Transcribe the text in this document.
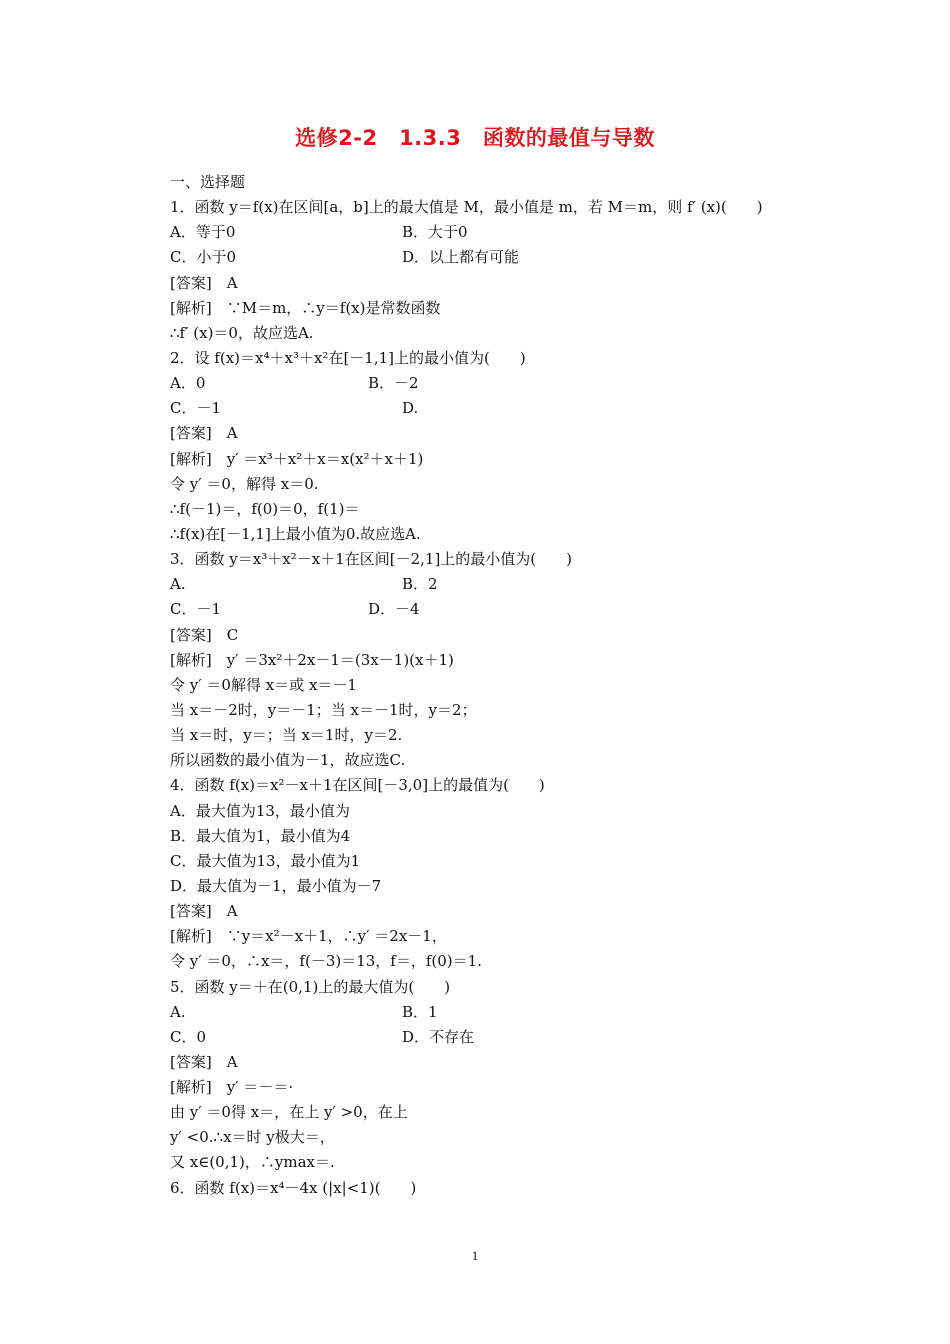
选修2-2　1.3.3　函数的最值与导数
一、选择题
1．函数 y＝f(x)在区间[a，b]上的最大值是 M，最小值是 m，若 M＝m，则 f′ (x)(　　)
A．等于0	B．大于0
C．小于0	D．以上都有可能
[答案]　A
[解析]　∵M＝m，∴y＝f(x)是常数函数
∴f′ (x)＝0，故应选A.
2．设 f(x)＝x⁴＋x³＋x²在[－1,1]上的最小值为(　　)
A．0	B．－2
C．－1	D.
[答案]　A
[解析]　y′ ＝x³＋x²＋x＝x(x²＋x＋1)
令 y′ ＝0，解得 x＝0.
∴f(－1)＝，f(0)＝0，f(1)＝
∴f(x)在[－1,1]上最小值为0.故应选A.
3．函数 y＝x³＋x²－x＋1在区间[－2,1]上的最小值为(　　)
A.	B．2
C．－1	D．－4
[答案]　C
[解析]　y′ ＝3x²＋2x－1＝(3x－1)(x＋1)
令 y′ ＝0解得 x＝或 x＝－1
当 x＝－2时，y＝－1；当 x＝－1时，y＝2；
当 x＝时，y＝；当 x＝1时，y＝2.
所以函数的最小值为－1，故应选C.
4．函数 f(x)＝x²－x＋1在区间[－3,0]上的最值为(　　)
A．最大值为13，最小值为
B．最大值为1，最小值为4
C．最大值为13，最小值为1
D．最大值为－1，最小值为－7
[答案]　A
[解析]　∵y＝x²－x＋1，∴y′ ＝2x－1，
令 y′ ＝0，∴x＝，f(－3)＝13，f＝，f(0)＝1.
5．函数 y＝＋在(0,1)上的最大值为(　　)
A.	B．1
C．0	D．不存在
[答案]　A
[解析]　y′ ＝－＝·
由 y′ ＝0得 x＝，在上 y′ >0，在上
y′ <0.∴x＝时 y极大＝，
又 x∈(0,1)，∴ymax＝.
6．函数 f(x)＝x⁴－4x (|x|<1)(　　)
1
